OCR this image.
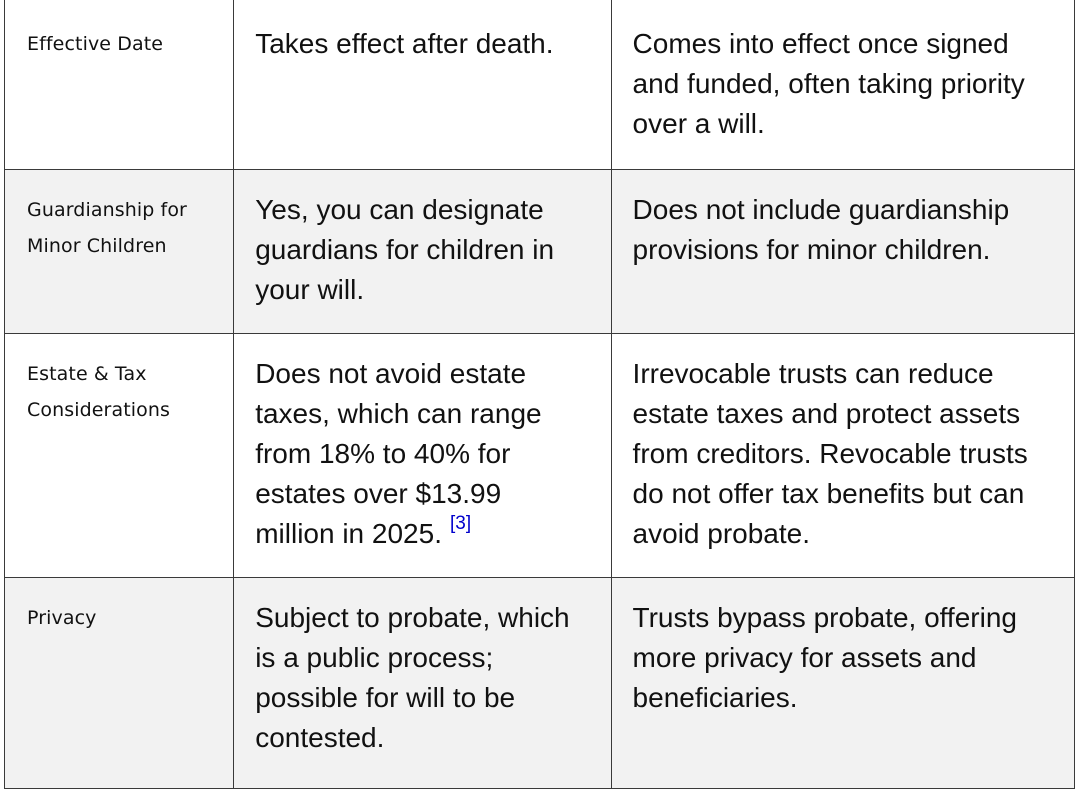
Effective Date	Takes effect after death.	Comes into effect once signed and funded, often taking priority over a will.

Guardianship for Minor Children	Yes, you can designate guardians for children in your will.	Does not include guardianship provisions for minor children.

Estate & Tax Considerations	Does not avoid estate taxes, which can range from 18% to 40% for estates over $13.99 million in 2025. [3]	Irrevocable trusts can reduce estate taxes and protect assets from creditors. Revocable trusts do not offer tax benefits but can avoid probate.

Privacy	Subject to probate, which is a public process; possible for will to be contested.	Trusts bypass probate, offering more privacy for assets and beneficiaries.
